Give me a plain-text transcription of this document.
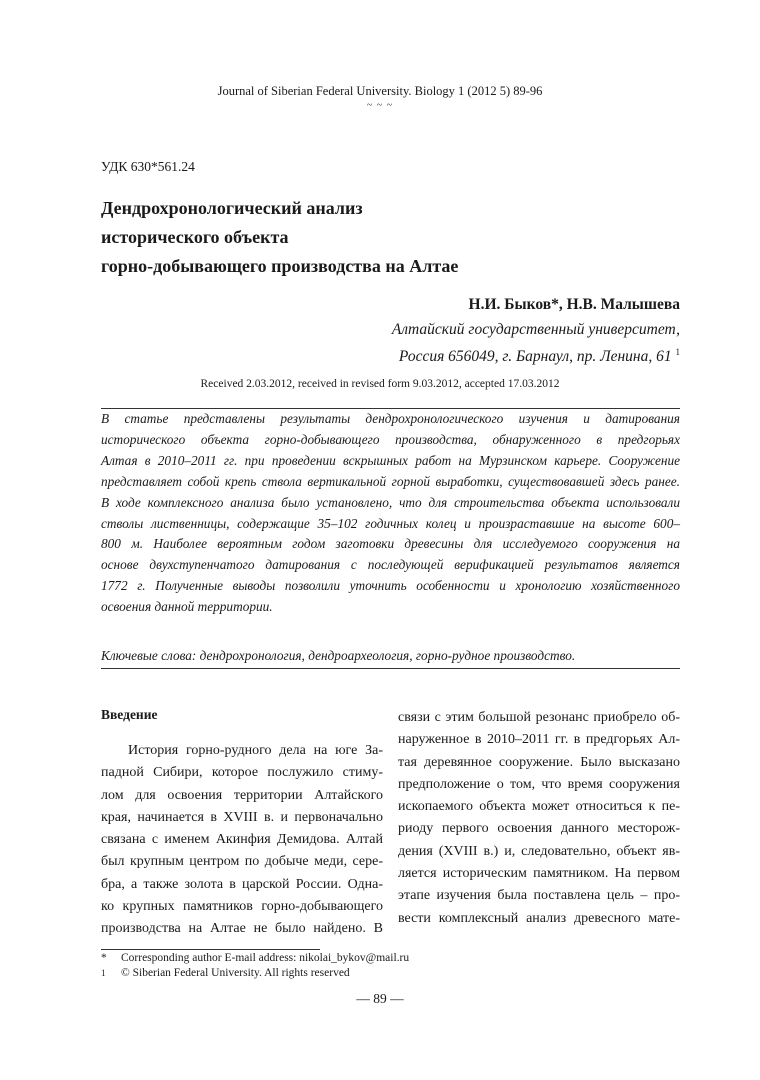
Journal of Siberian Federal University. Biology 1 (2012 5) 89-96
~ ~ ~
УДК 630*561.24
Дендрохронологический анализ
исторического объекта
горно-добывающего производства на Алтае
Н.И. Быков*, Н.В. Малышева
Алтайский государственный университет,
Россия 656049, г. Барнаул, пр. Ленина, 61 $^1$
Received 2.03.2012, received in revised form 9.03.2012, accepted 17.03.2012
В статье представлены результаты дендрохронологического изучения и датирования
исторического объекта горно-добывающего производства, обнаруженного в предгорьях
Алтая в 2010–2011 гг. при проведении вскрышных работ на Мурзинском карьере. Сооружение
представляет собой крепь ствола вертикальной горной выработки, существовавшей здесь ранее.
В ходе комплексного анализа было установлено, что для строительства объекта использовали
стволы лиственницы, содержащие 35–102 годичных колец и произраставшие на высоте 600–
800 м. Наиболее вероятным годом заготовки древесины для исследуемого сооружения на
основе двухступенчатого датирования с последующей верификацией результатов является
1772 г. Полученные выводы позволили уточнить особенности и хронологию хозяйственного
освоения данной территории.
Ключевые слова: дендрохронология, дендроархеология, горно-рудное производство.
Введение
История горно-рудного дела на юге За-
падной Сибири, которое послужило стиму-
лом для освоения территории Алтайского
края, начинается в XVIII в. и первоначально
связана с именем Акинфия Демидова. Алтай
был крупным центром по добыче меди, сере-
бра, а также золота в царской России. Одна-
ко крупных памятников горно-добывающего
производства на Алтае не было найдено. В
связи с этим большой резонанс приобрело об-
наруженное в 2010–2011 гг. в предгорьях Ал-
тая деревянное сооружение. Было высказано
предположение о том, что время сооружения
ископаемого объекта может относиться к пе-
риоду первого освоения данного месторож-
дения (XVIII в.) и, следовательно, объект яв-
ляется историческим памятником. На первом
этапе изучения была поставлена цель – про-
вести комплексный анализ древесного мате-
* Corresponding author E-mail address: nikolai_bykov@mail.ru
1 © Siberian Federal University. All rights reserved
— 89 —
